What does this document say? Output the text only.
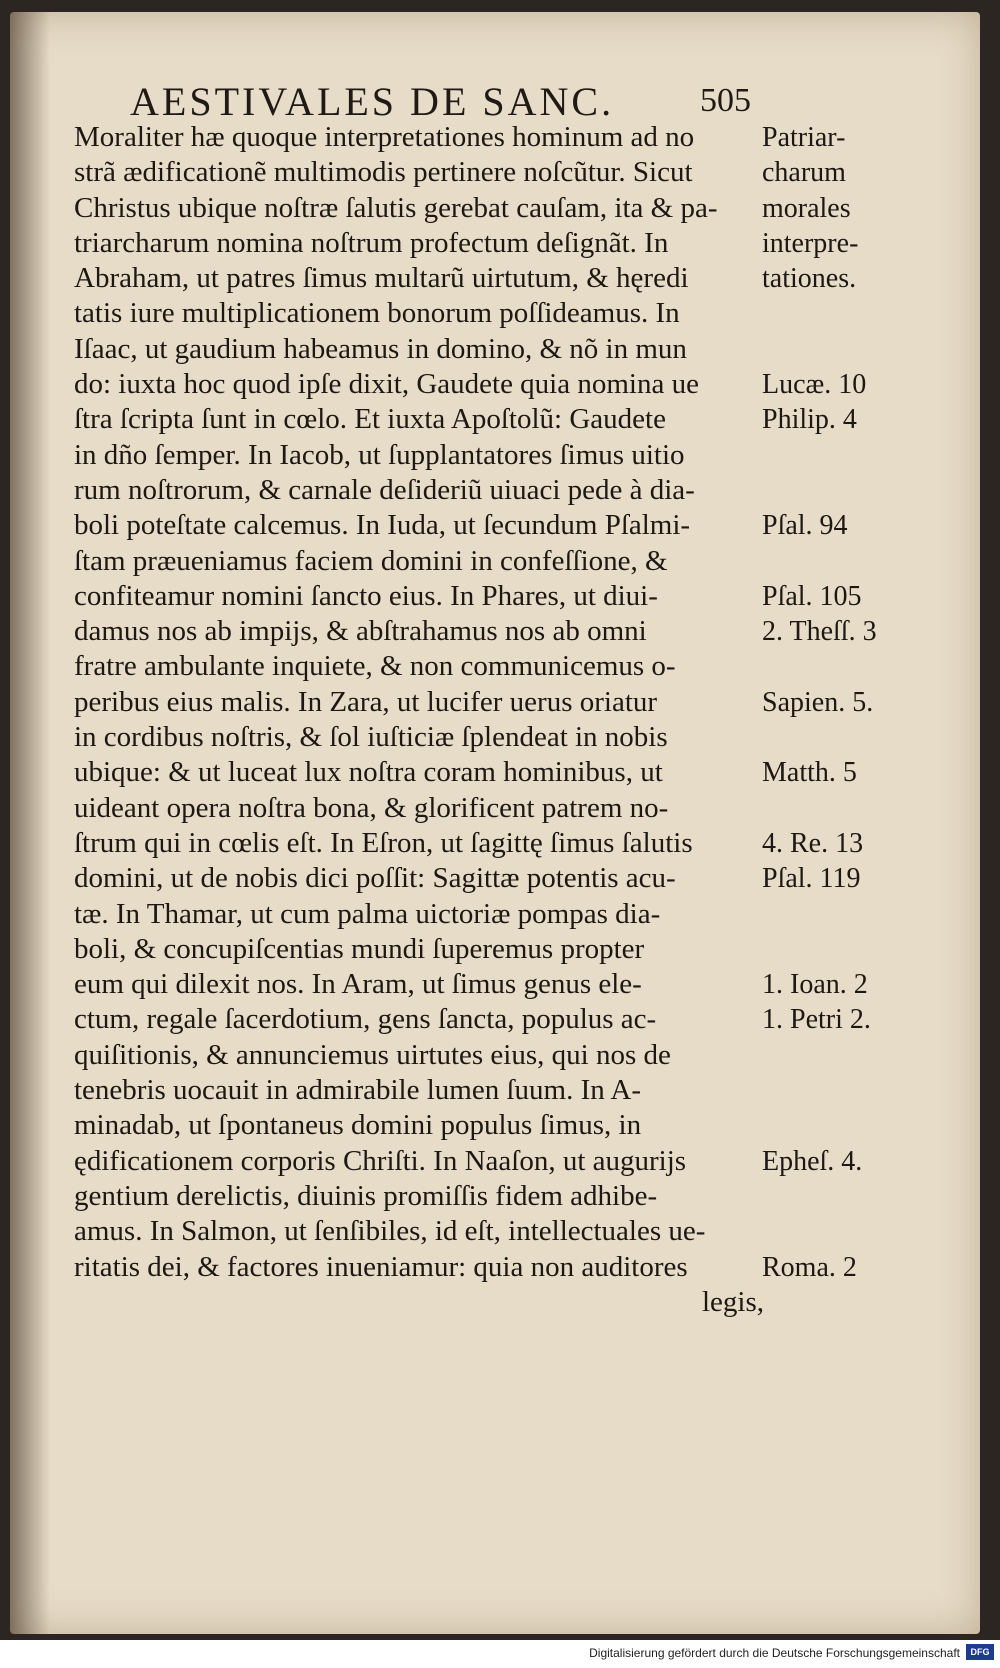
AESTIVALES DE SANC.	505
Moraliter hæ quoque interpretationes hominum ad no
strã ædificationẽ multimodis pertinere noſcũtur. Sicut
Christus ubique noſtræ ſalutis gerebat cauſam, ita & pa-
triarcharum nomina noſtrum profectum deſignãt. In
Abraham, ut patres ſimus multarũ uirtutum, & hęredi
tatis iure multiplicationem bonorum poſſideamus. In
Iſaac, ut gaudium habeamus in domino, & nõ in mun
do: iuxta hoc quod ipſe dixit, Gaudete quia nomina ue
ſtra ſcripta ſunt in cœlo. Et iuxta Apoſtolũ: Gaudete
in dño ſemper. In Iacob, ut ſupplantatores ſimus uitio
rum noſtrorum, & carnale deſideriũ uiuaci pede à dia-
boli poteſtate calcemus. In Iuda, ut ſecundum Pſalmi-
ſtam præueniamus faciem domini in confeſſione, &
confiteamur nomini ſancto eius. In Phares, ut diui-
damus nos ab impijs, & abſtrahamus nos ab omni
fratre ambulante inquiete, & non communicemus o-
peribus eius malis. In Zara, ut lucifer uerus oriatur
in cordibus noſtris, & ſol iuſticiæ ſplendeat in nobis
ubique: & ut luceat lux noſtra coram hominibus, ut
uideant opera noſtra bona, & glorificent patrem no-
ſtrum qui in cœlis eſt. In Eſron, ut ſagittę ſimus ſalutis
domini, ut de nobis dici poſſit: Sagittæ potentis acu-
tæ. In Thamar, ut cum palma uictoriæ pompas dia-
boli, & concupiſcentias mundi ſuperemus propter
eum qui dilexit nos. In Aram, ut ſimus genus ele-
ctum, regale ſacerdotium, gens ſancta, populus ac-
quiſitionis, & annunciemus uirtutes eius, qui nos de
tenebris uocauit in admirabile lumen ſuum. In A-
minadab, ut ſpontaneus domini populus ſimus, in
ędificationem corporis Chriſti. In Naaſon, ut augurijs
gentium derelictis, diuinis promiſſis fidem adhibe-
amus. In Salmon, ut ſenſibiles, id eſt, intellectuales ue-
ritatis dei, & factores inueniamur: quia non auditores
legis,
Patriar-
charum
morales
interpre-
tationes.
Lucæ. 10
Philip. 4
Pſal. 94
Pſal. 105
2. Theſſ. 3
Sapien. 5.
Matth. 5
4. Re. 13
Pſal. 119
1. Ioan. 2
1. Petri 2.
Epheſ. 4.
Roma. 2
Digitalisierung gefördert durch die Deutsche Forschungsgemeinschaft	DFG
